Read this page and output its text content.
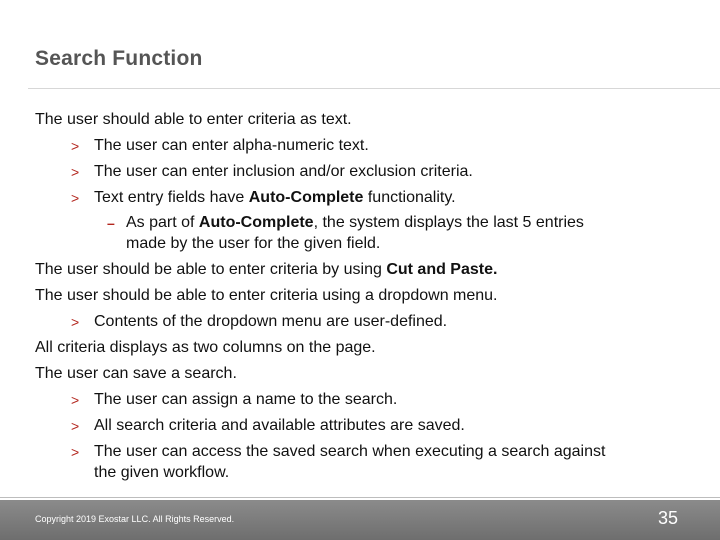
Search Function
The user should able to enter criteria as text.
> The user can enter alpha-numeric text.
> The user can enter inclusion and/or exclusion criteria.
> Text entry fields have Auto-Complete functionality.
– As part of Auto-Complete, the system displays the last 5 entries
made by the user for the given field.
The user should be able to enter criteria by using Cut and Paste.
The user should be able to enter criteria using a dropdown menu.
> Contents of the dropdown menu are user-defined.
All criteria displays as two columns on the page.
The user can save a search.
> The user can assign a name to the search.
> All search criteria and available attributes are saved.
> The user can access the saved search when executing a search against
the given workflow.
Copyright 2019 Exostar LLC. All Rights Reserved.	35
